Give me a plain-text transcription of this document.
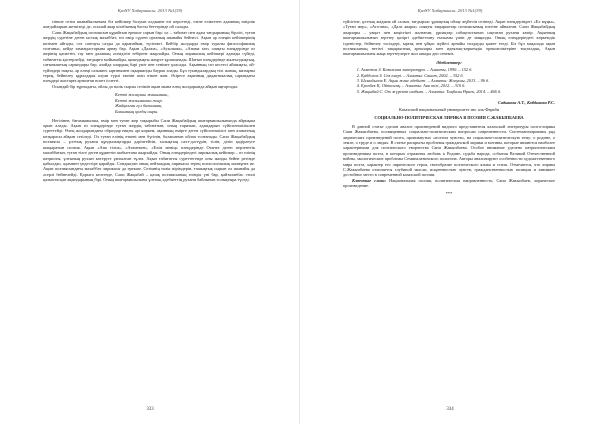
ҚазҰУ Хабаршысы. 2013 №1(39)

ізінше сезім шынайылығына біз кейіпкер болуын алдымен өзі көрсетеді, өзіне еліктеген адамның өмірлік жағдайларын жеткізеді де, осылай жыр кітабының басты беттерінде ой салады.

Сәпи Жақыбайдың поэзиясын құрайтын ерекше сарын бар: ол – табиғат пен адам тағдырының бірлігі, туған жердің суретіне деген ыстық махаббат, өзі өмір сүрген ортаның шынайы бейнесі. Ақын әр өлеңін кейіпкерінің көзімен айтады, сөз саптауы сазды да қарапайым, түсінікті. Кейбір жолдарда өмір туралы философиялық толғаныс, кейде замандастарына арнау бар. Ақын «Далам», «Ауылыма», «Анама хат» сияқты өлеңдерінде өз жерінің қасиетін, тау мен даланың әсемдігін тебірене жырлайды. Оның лирикалық кейіпкері адамды сүйеді, табиғатты қастерлейді, тағдырға мойымайды, қиындықты жеңуге құлшынады. Шағын өлеңдерінде жалғыздықтың, сағыныштың сарындары бар, алайда олардың бәрі үміт пен сенімге ұласады. Ақынның сөз кестесі айшықты, ой-түйіндері нақты, әр өлеңі сазымен, ырғағымен оқырманды баурап алады. Бұл туындылардың тілі жатық, мазмұны терең, бейнелеу құралдары алуан түрлі екенін атап өткен жөн. Әсіресе ақынның дидактикалық сарындағы өлеңдері жастарға арналған өсиет іспетті.

Осындай бір тұрғыдағы, ойлы да нәзік сырлы сезімін ақын мына өлең жолдарында айқын аңғартады:

Кетті жолаушы жанымнан,
Кетті жазылмаған жыр.
Жайқалған гүл бағымнан,
Бағымның қалды сыры.

Негізінен, бағамымызша, өмір мен туған жер тақырыбы Сәпи Жақыбайдың шығармашылығында айрықша орын алады. Ақын өз өлеңдерінде туған жердің табиғатын, оның тарихын, адамдарын сүйіспеншілікпен суреттейді. Өлең жолдарындағы образдар нақты әрі көркем, ақынның өмірге деген сүйіспеншілігі мен азаматтық көзқарасы айқын сезіледі. Ол туған елінің өткені мен бүгінін, болашағын ойлап толғанады. Сәпи Жақыбайдың поэзиясы – ұлттық рухани құндылықтарды дәріптейтін, халықтың салт-дәстүрін, тілін, ділін қадірлеуге шақыратын поэзия. Ақын «Ана тілім», «Атамекен», «Елім менің» өлеңдерінде Отанға деген перзенттік махаббатын, туған тілге деген құрметін шабыттана жырлайды. Оның өлеңдеріндегі лирикалық кейіпкер – өз елінің патриоты, ұлтының рухын көтеруге ұмтылған тұлға. Ақын табиғатты суреттегенде оны жанды бейне ретінде қабылдап, адаммен үндестіре қарайды. Сондықтан оның пейзаждық лирикасы терең психологиялық мазмұнға ие. Ақын поэзиясындағы махаббат лирикасы да ерекше. Сезімнің нәзік иірімдерін, ғашықтық сырын ол шынайы да әсерлі бейнелейді. Қорыта келгенде, Сәпи Жақыбай – қазақ поэзиясының өзіндік үні бар, қайталанбас стилі қалыптасқан ақындарының бірі. Оның шығармашылығы ұлттық әдебиеттің рухани байлығын толықтыра түседі.

333
ҚазҰУ Хабаршысы. 2013 №1(39)

түйсігіне, ұлттық жадына ой салып, тағдырлас ұрпақтың ойлау жүйесін сезінеді. Ақын өлеңдеріндегі «Ел мұңы», «Туған жер», «Ата-ана», «Дала жыры» сияқты тақырыптар поэзиясының өзегіне айналған. Сәпи Жақыбайдың жырлары – уақыт пен кеңістікті жалғаған, ұрпақтар сабақтастығын сақтаған рухани көпір. Ақынның шығармашылығын зерттеу қазіргі әдебиеттану ғылымы үшін де маңызды. Оның өлеңдеріндегі көркемдік ізденістер, бейнелеу тәсілдері, ырғақ пен ұйқас жүйесі арнайы талдауды қажет етеді. Біз бұл мақалада ақын поэзиясының негізгі тақырыптық арналары мен идеялық-көркемдік ерекшеліктеріне тоқталдық. Ақын шығармашылығы жаңа зерттеулерге жол ашады деп сенеміз.

Әдебиеттер:
1. Ахметов З. Казахская литература. – Алматы, 1990. – 152 б.
2. Қабдолов З. Сөз өнері. – Алматы: Санат, 2002. – 352 б.
3. Ысмайылов Е. Ақын және әдебиет. – Алматы: Жазушы, 2013. – 96 б.
4. Ергөбек Қ. Ойтолғақ. – Алматы: Ана тілі, 2012. – 310 б.
5. Жақыбай С. От жүректі шабыт. – Алматы: Таңбалы Өрнек, 2014. – 466 б.
Садыкова А.Т., Кобдикова Р.С.
Казахский национальный университет им. аль-Фараби
СОЦИАЛЬНО-ПОЛИТИЧЕСКАЯ ЛИРИКА В ПОЭЗИИ С.ЖАКЫПБАЕВА

В данной статье сделан анализ произведений видного представителя казахской литературы поэта-лирика Сапи Жакыпбаева, посвященных социально-политическим вопросам современности. Систематизированы ряд лирических произведений поэта, проникнутых «поэтом чувств», на социально-политическую тему: о родине, о земле, о труде и о людях. В статье раскрыты проблемы гражданской лирики и мотивы, которые являются наиболее характерными для поэтического творчества Сапи Жакыпбаева. Особое внимание уделено патриотическим произведениям поэта, в которых отражены любовь к Родине, судьба народа, события Великой Отечественной войны, экологические проблемы Семипалатинского полигона. Авторы анализируют особенности художественного мира поэта, характер его лирического героя, своеобразие поэтического языка и стиля. Отмечается, что лирика С.Жакыпбаева отличается глубиной мысли, искренностью чувств, гражданственностью позиции и занимает достойное место в современной казахской поэзии.

Ключевые слова: Национальная поэзия, политическая направленность, Сапи Жакыпбаев, лирическое произведение.

***
334
